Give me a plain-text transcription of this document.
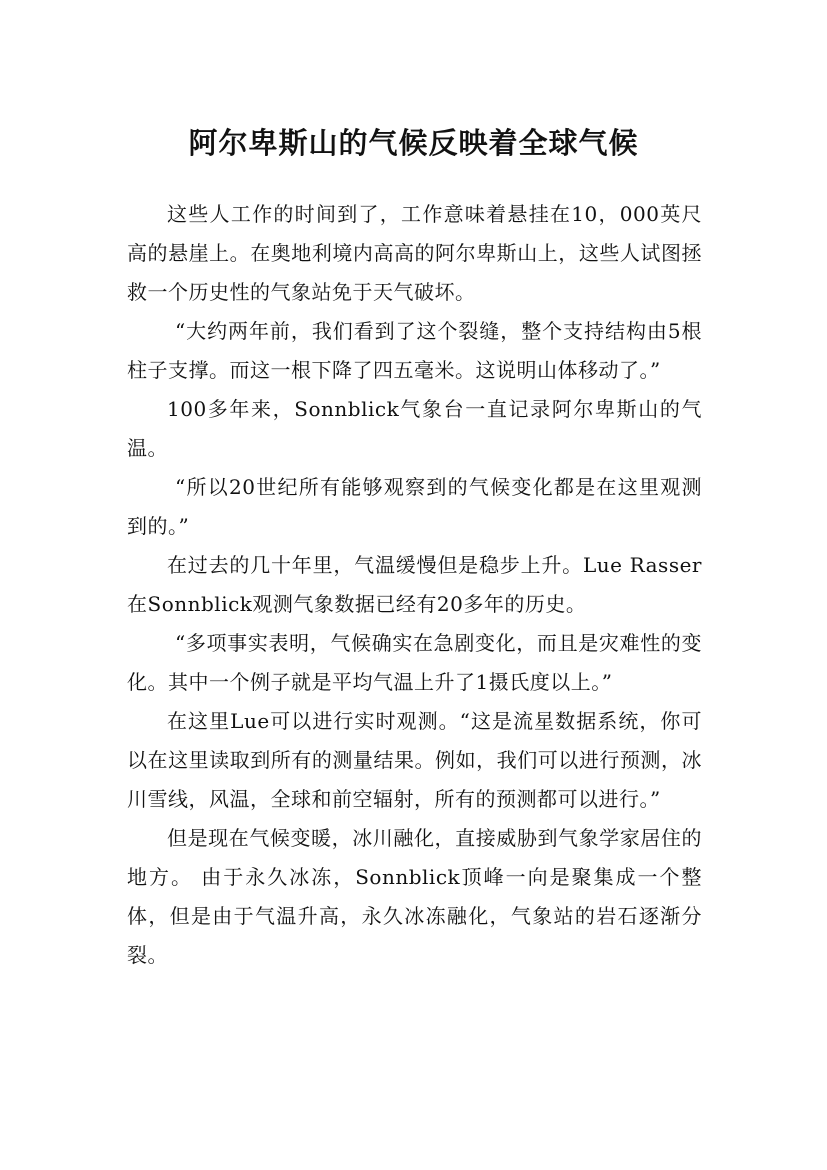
阿尔卑斯山的气候反映着全球气候

这些人工作的时间到了，工作意味着悬挂在10，000英尺高的悬崖上。在奥地利境内高高的阿尔卑斯山上，这些人试图拯救一个历史性的气象站免于天气破坏。

“大约两年前，我们看到了这个裂缝，整个支持结构由5根柱子支撑。而这一根下降了四五毫米。这说明山体移动了。”

100多年来，Sonnblick气象台一直记录阿尔卑斯山的气温。

“所以20世纪所有能够观察到的气候变化都是在这里观测到的。”

在过去的几十年里，气温缓慢但是稳步上升。Lue Rasser在Sonnblick观测气象数据已经有20多年的历史。

“多项事实表明，气候确实在急剧变化，而且是灾难性的变化。其中一个例子就是平均气温上升了1摄氏度以上。”

在这里Lue可以进行实时观测。“这是流星数据系统，你可以在这里读取到所有的测量结果。例如，我们可以进行预测，冰川雪线，风温，全球和前空辐射，所有的预测都可以进行。”

但是现在气候变暖，冰川融化，直接威胁到气象学家居住的地方。 由于永久冰冻，Sonnblick顶峰一向是聚集成一个整体，但是由于气温升高，永久冰冻融化，气象站的岩石逐渐分裂。
